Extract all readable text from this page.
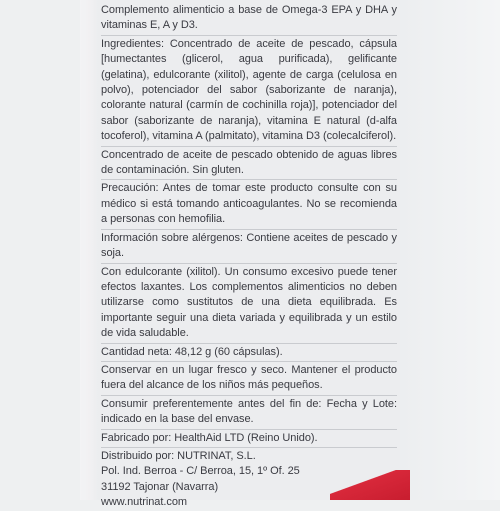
Complemento alimenticio a base de Omega-3 EPA y DHA y vitaminas E, A y D3.

Ingredientes: Concentrado de aceite de pescado, cápsula [humectantes (glicerol, agua purificada), gelificante (gelatina), edulcorante (xilitol), agente de carga (celulosa en polvo), potenciador del sabor (saborizante de naranja), colorante natural (carmín de cochinilla roja)], potenciador del sabor (saborizante de naranja), vitamina E natural (d-alfa tocoferol), vitamina A (palmitato), vitamina D3 (colecalciferol).

Concentrado de aceite de pescado obtenido de aguas libres de contaminación. Sin gluten.

Precaución: Antes de tomar este producto consulte con su médico si está tomando anticoagulantes. No se recomienda a personas con hemofilia.

Información sobre alérgenos: Contiene aceites de pescado y soja.

Con edulcorante (xilitol). Un consumo excesivo puede tener efectos laxantes. Los complementos alimenticios no deben utilizarse como sustitutos de una dieta equilibrada. Es importante seguir una dieta variada y equilibrada y un estilo de vida saludable.

Cantidad neta: 48,12 g (60 cápsulas).

Conservar en un lugar fresco y seco. Mantener el producto fuera del alcance de los niños más pequeños.

Consumir preferentemente antes del fin de: Fecha y Lote: indicado en la base del envase.

Fabricado por: HealthAid LTD (Reino Unido).

Distribuido por: NUTRINAT, S.L.

Pol. Ind. Berroa - C/ Berroa, 15, 1º Of. 25

31192 Tajonar (Navarra)

www.nutrinat.com
